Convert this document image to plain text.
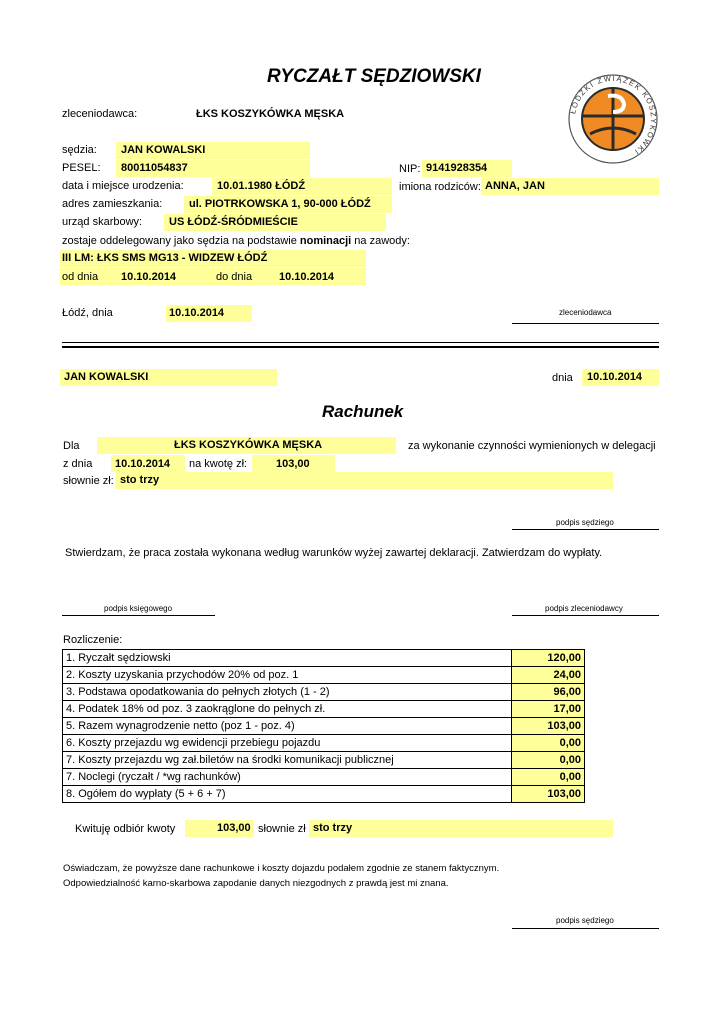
RYCZAŁT SĘDZIOWSKI
ŁÓDZKI ZWIĄZEK KOSZYKÓWKI
zleceniodawca:	ŁKS KOSZYKÓWKA MĘSKA
sędzia: JAN KOWALSKI
PESEL: 80011054837	NIP: 9141928354
data i miejsce urodzenia:	10.01.1980 ŁÓDŹ	imiona rodziców: ANNA, JAN
adres zamieszkania: ul. PIOTRKOWSKA 1, 90-000 ŁÓDŹ
urząd skarbowy: US ŁÓDŹ-ŚRÓDMIEŚCIE
zostaje oddelegowany jako sędzia na podstawie nominacji na zawody:
III LM: ŁKS SMS MG13 - WIDZEW ŁÓDŹ
od dnia 10.10.2014	do dnia 10.10.2014
Łódź, dnia	10.10.2014	zleceniodawca
JAN KOWALSKI	dnia 10.10.2014
Rachunek
Dla	ŁKS KOSZYKÓWKA MĘSKA	za wykonanie czynności wymienionych w delegacji
z dnia 10.10.2014 na kwotę zł:	103,00
słownie zł: sto trzy
podpis sędziego
Stwierdzam, że praca została wykonana według warunków wyżej zawartej deklaracji. Zatwierdzam do wypłaty.
podpis księgowego	podpis zleceniodawcy
Rozliczenie:
1. Ryczałt sędziowski	120,00
2. Koszty uzyskania przychodów 20% od poz. 1	24,00
3. Podstawa opodatkowania do pełnych złotych (1 - 2)	96,00
4. Podatek 18% od poz. 3 zaokrąglone do pełnych zł.	17,00
5. Razem wynagrodzenie netto (poz 1 - poz. 4)	103,00
6. Koszty przejazdu wg ewidencji przebiegu pojazdu	0,00
7. Koszty przejazdu wg zał.biletów na środki komunikacji publicznej	0,00
7. Noclegi (ryczałt / *wg rachunków)	0,00
8. Ogółem do wypłaty (5 + 6 + 7)	103,00
Kwituję odbiór kwoty	103,00 słownie zł sto trzy
Oświadczam, że powyższe dane rachunkowe i koszty dojazdu podałem zgodnie ze stanem faktycznym.
Odpowiedzialność karno-skarbowa zapodanie danych niezgodnych z prawdą jest mi znana.
podpis sędziego
